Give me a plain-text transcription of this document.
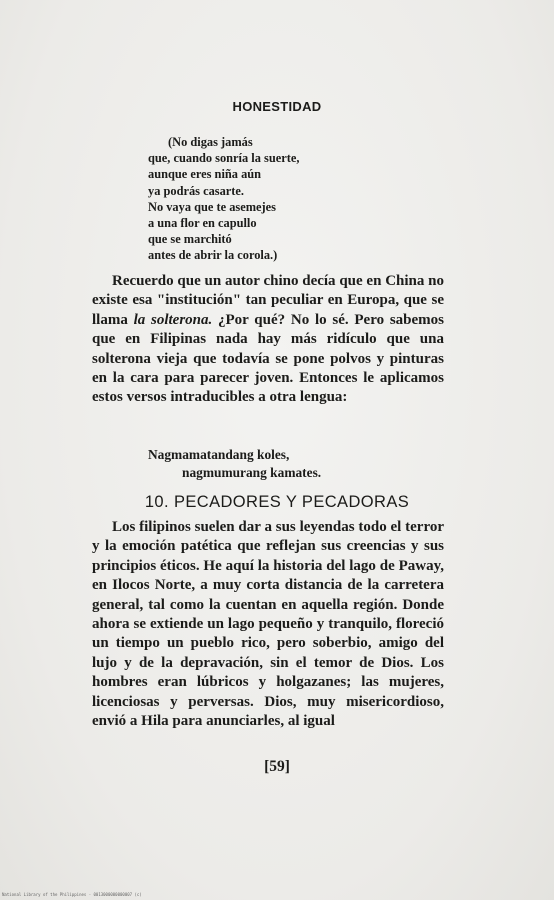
HONESTIDAD
(No digas jamás
que, cuando sonría la suerte,
aunque eres niña aún
ya podrás casarte.
No vaya que te asemejes
a una flor en capullo
que se marchitó
antes de abrir la corola.)

Recuerdo que un autor chino decía que en China no existe esa "institución" tan peculiar en Europa, que se llama la solterona. ¿Por qué? No lo sé. Pero sabemos que en Filipinas nada hay más ridículo que una solterona vieja que todavía se pone polvos y pinturas en la cara para parecer joven. Entonces le aplicamos estos versos intraducibles a otra lengua:

Nagmamatandang koles,
nagmumurang kamates.
10. PECADORES Y PECADORAS

Los filipinos suelen dar a sus leyendas todo el terror y la emoción patética que reflejan sus creencias y sus principios éticos. He aquí la historia del lago de Paway, en Ilocos Norte, a muy corta distancia de la carretera general, tal como la cuentan en aquella región. Donde ahora se extiende un lago pequeño y tranquilo, floreció un tiempo un pueblo rico, pero soberbio, amigo del lujo y de la depravación, sin el temor de Dios. Los hombres eran lúbricos y holgazanes; las mujeres, licenciosas y perversas. Dios, muy misericordioso, envió a Hila para anunciarles, al igual

[59]
National Library of the Philippines · 0013000000000007 (c)
